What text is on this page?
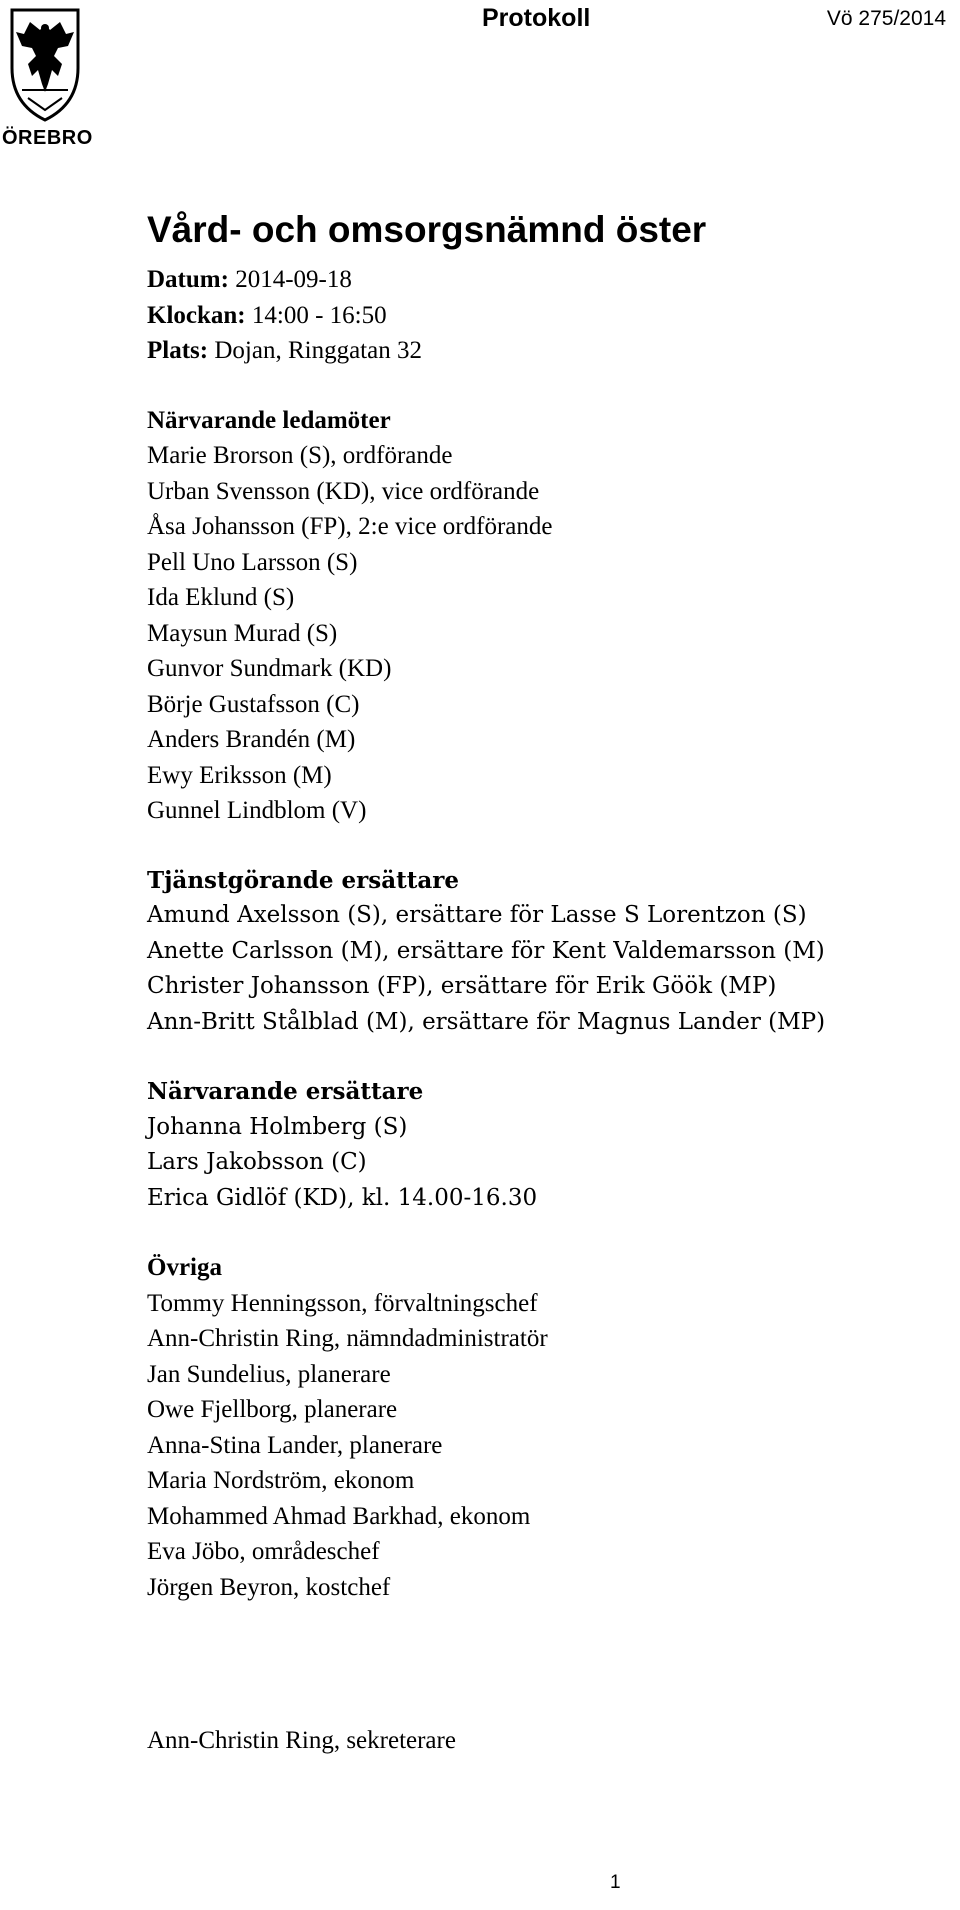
ÖREBRO
Protokoll	Vö 275/2014
Vård- och omsorgsnämnd öster

Datum: 2014-09-18

Klockan: 14:00 - 16:50

Plats: Dojan, Ringgatan 32

Närvarande ledamöter

Marie Brorson (S), ordförande

Urban Svensson (KD), vice ordförande

Åsa Johansson (FP), 2:e vice ordförande

Pell Uno Larsson (S)

Ida Eklund (S)

Maysun Murad (S)

Gunvor Sundmark (KD)

Börje Gustafsson (C)

Anders Brandén (M)

Ewy Eriksson (M)

Gunnel Lindblom (V)

Tjänstgörande ersättare

Amund Axelsson (S), ersättare för Lasse S Lorentzon (S)

Anette Carlsson (M), ersättare för Kent Valdemarsson (M)

Christer Johansson (FP), ersättare för Erik Göök (MP)

Ann-Britt Stålblad (M), ersättare för Magnus Lander (MP)

Närvarande ersättare

Johanna Holmberg (S)

Lars Jakobsson (C)

Erica Gidlöf (KD), kl. 14.00-16.30

Övriga

Tommy Henningsson, förvaltningschef

Ann-Christin Ring, nämndadministratör

Jan Sundelius, planerare

Owe Fjellborg, planerare

Anna-Stina Lander, planerare

Maria Nordström, ekonom

Mohammed Ahmad Barkhad, ekonom

Eva Jöbo, områdeschef

Jörgen Beyron, kostchef

Ann-Christin Ring, sekreterare

1
